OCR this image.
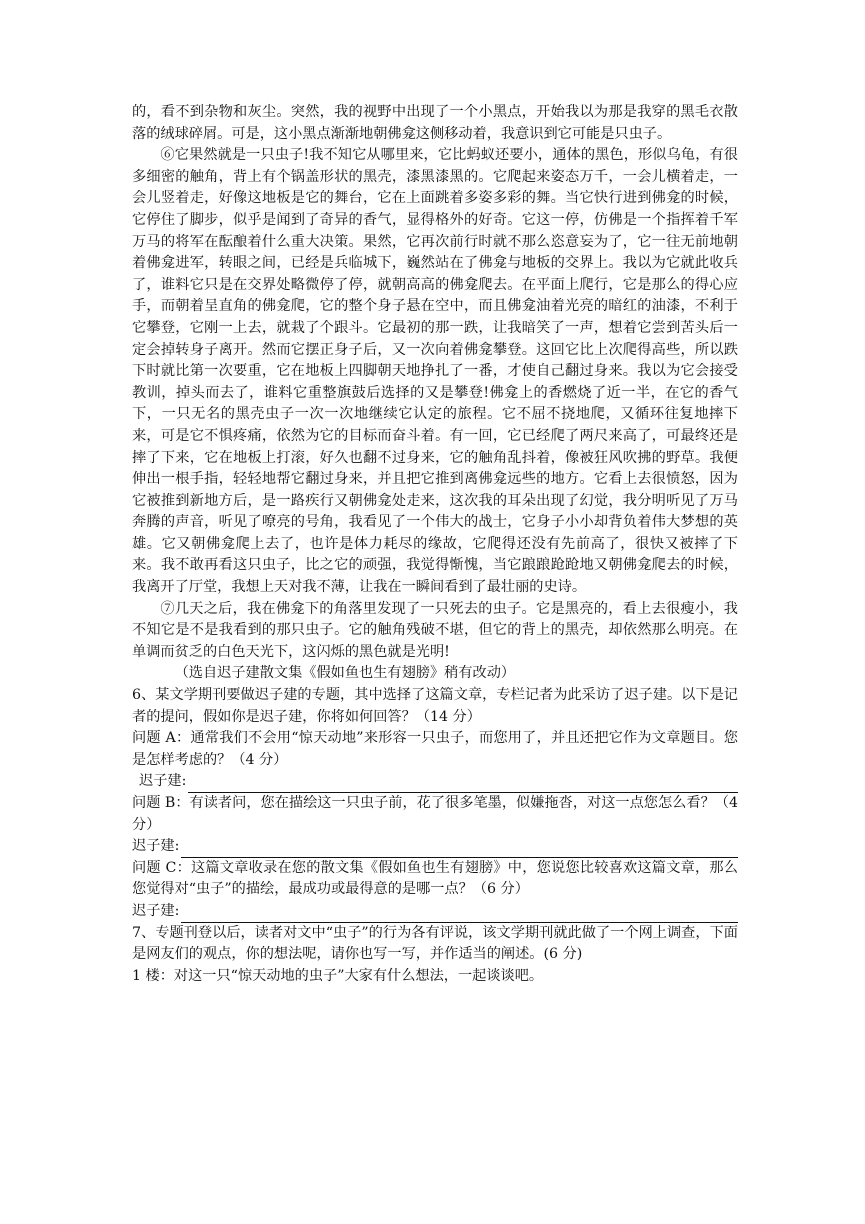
的，看不到杂物和灰尘。突然，我的视野中出现了一个小黑点，开始我以为那是我穿的黑毛衣散落的绒球碎屑。可是，这小黑点渐渐地朝佛龛这侧移动着，我意识到它可能是只虫子。

⑥它果然就是一只虫子!我不知它从哪里来，它比蚂蚁还要小，通体的黑色，形似乌龟，有很多细密的触角，背上有个锅盖形状的黑壳，漆黑漆黑的。它爬起来姿态万千，一会儿横着走，一会儿竖着走，好像这地板是它的舞台，它在上面跳着多姿多彩的舞。当它快行进到佛龛的时候，它停住了脚步，似乎是闻到了奇异的香气，显得格外的好奇。它这一停，仿佛是一个指挥着千军万马的将军在酝酿着什么重大决策。果然，它再次前行时就不那么恣意妄为了，它一往无前地朝着佛龛进军，转眼之间，已经是兵临城下，巍然站在了佛龛与地板的交界上。我以为它就此收兵了，谁料它只是在交界处略微停了停，就朝高高的佛龛爬去。在平面上爬行，它是那么的得心应手，而朝着呈直角的佛龛爬，它的整个身子悬在空中，而且佛龛油着光亮的暗红的油漆，不利于它攀登，它刚一上去，就栽了个跟斗。它最初的那一跌，让我暗笑了一声，想着它尝到苦头后一定会掉转身子离开。然而它摆正身子后，又一次向着佛龛攀登。这回它比上次爬得高些，所以跌下时就比第一次要重，它在地板上四脚朝天地挣扎了一番，才使自己翻过身来。我以为它会接受教训，掉头而去了，谁料它重整旗鼓后选择的又是攀登!佛龛上的香燃烧了近一半，在它的香气下，一只无名的黑壳虫子一次一次地继续它认定的旅程。它不屈不挠地爬，又循环往复地摔下来，可是它不惧疼痛，依然为它的目标而奋斗着。有一回，它已经爬了两尺来高了，可最终还是摔了下来，它在地板上打滚，好久也翻不过身来，它的触角乱抖着，像被狂风吹拂的野草。我便伸出一根手指，轻轻地帮它翻过身来，并且把它推到离佛龛远些的地方。它看上去很愤怒，因为它被推到新地方后，是一路疾行又朝佛龛处走来，这次我的耳朵出现了幻觉，我分明听见了万马奔腾的声音，听见了嘹亮的号角，我看见了一个伟大的战士，它身子小小却背负着伟大梦想的英雄。它又朝佛龛爬上去了，也许是体力耗尽的缘故，它爬得还没有先前高了，很快又被摔了下来。我不敢再看这只虫子，比之它的顽强，我觉得惭愧，当它踉踉跄跄地又朝佛龛爬去的时候，我离开了厅堂，我想上天对我不薄，让我在一瞬间看到了最壮丽的史诗。

⑦几天之后，我在佛龛下的角落里发现了一只死去的虫子。它是黑亮的，看上去很瘦小，我不知它是不是我看到的那只虫子。它的触角残破不堪，但它的背上的黑壳，却依然那么明亮。在单调而贫乏的白色天光下，这闪烁的黑色就是光明!

（选自迟子建散文集《假如鱼也生有翅膀》稍有改动）

6、某文学期刊要做迟子建的专题，其中选择了这篇文章，专栏记者为此采访了迟子建。以下是记者的提问，假如你是迟子建，你将如何回答？（14 分）

问题 A：通常我们不会用“惊天动地”来形容一只虫子，而您用了，并且还把它作为文章题目。您是怎样考虑的？（4 分）

迟子建:

问题 B：有读者问，您在描绘这一只虫子前，花了很多笔墨，似嫌拖沓，对这一点您怎么看？（4 分）

迟子建:

问题 C：这篇文章收录在您的散文集《假如鱼也生有翅膀》中，您说您比较喜欢这篇文章，那么您觉得对“虫子”的描绘，最成功或最得意的是哪一点？（6 分）

迟子建:

7、专题刊登以后，读者对文中“虫子”的行为各有评说，该文学期刊就此做了一个网上调查，下面是网友们的观点，你的想法呢，请你也写一写，并作适当的阐述。(6 分)

1 楼：对这一只“惊天动地的虫子”大家有什么想法，一起谈谈吧。
